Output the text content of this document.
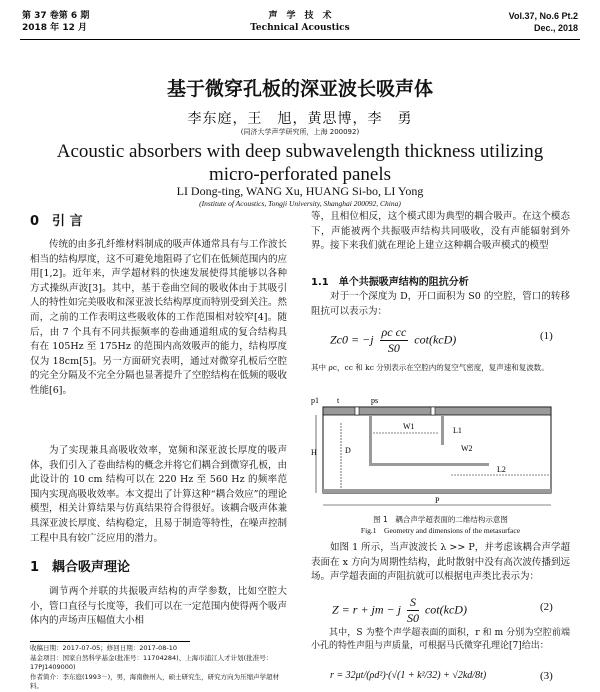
第 37 卷第 6 期
2018 年 12 月
声　学　技　术
Technical Acoustics
Vol.37, No.6 Pt.2
Dec., 2018
基于微穿孔板的深亚波长吸声体
李东庭，王　旭，黄思博，李　勇
(同济大学声学研究所，上海 200092)
Acoustic absorbers with deep subwavelength thickness utilizing
micro-perforated panels
LI Dong-ting, WANG Xu, HUANG Si-bo, LI Yong
(Institute of Acoustics, Tongji University, Shanghai 200092, China)
0　引 言

传统的由多孔纤维材料制成的吸声体通常具有与工作波长相当的结构厚度，这不可避免地阻碍了它们在低频范围内的应用[1,2]。近年来，声学超材料的快速发展使得其能够以各种方式操纵声波[3]。其中，基于卷曲空间的吸收体由于其吸引人的特性如完美吸收和深亚波长结构厚度而特别受到关注。然而，之前的工作表明这些吸收体的工作范围相对较窄[4]。随后，由 7 个具有不同共振频率的卷曲通道组成的复合结构具有在 105Hz 至 175Hz 的范围内高效吸声的能力，结构厚度仅为 18cm[5]。另一方面研究表明，通过对微穿孔板后空腔的完全分隔及不完全分隔也显著提升了空腔结构在低频的吸收性能[6]。

为了实现兼具高吸收效率，宽频和深亚波长厚度的吸声体，我们引入了卷曲结构的概念并将它们耦合到微穿孔板，由此设计的 10 cm 结构可以在 220 Hz 至 560 Hz 的频率范围内实现高吸收效率。本文提出了计算这种“耦合效应”的理论模型，相关计算结果与仿真结果符合得很好。该耦合吸声体兼具深亚波长厚度、结构稳定，且易于制造等特性，在噪声控制工程中具有较广泛应用的潜力。

1　耦合吸声理论

调节两个并联的共振吸声结构的声学参数，比如空腔大小，管口直径与长度等，我们可以在一定范围内使得两个吸声体内的声场声压幅值大小相

收稿日期：2017-07-05；修回日期：2017-08-10
基金项目：国家自然科学基金(批准号：11704284)、上海市浦江人才计划(批准号：17PJ1409000)
作者简介：李东庭(1993－)，男，海南儋州人，硕士研究生，研究方向为压缩声学超材料。

等，且相位相反，这个模式即为典型的耦合吸声。在这个模态下，声能被两个共振吸声结构共同吸收，没有声能辐射到外界。接下来我们就在理论上建立这种耦合吸声模式的模型

1.1　单个共振吸声结构的阻抗分析

对于一个深度为 D，开口面积为 S0 的空腔，管口的转移阻抗可以表示为：

$Zc0 = -j \frac{\text{ρc cc}}{S0} \cot(kcD)$	(1)
其中 ρc，cc 和 kc 分别表示在空腔内的复空气密度，复声速和复波数。
p1 t	ps
W1	L1
D
H	W2
L2
P
图 1　耦合声学超表面的二维结构示意图
Fig.1　Geometry and dimensions of the metasurface

如图 1 所示，当声波波长 λ >> P，并考虑该耦合声学超表面在 x 方向为周期性结构，此时散射中没有高次波传播到远场。声学超表面的声阻抗就可以根据电声类比表示为：

Z = r + jm − j $\frac{S}{S0} \cot(kcD)$	(2)

其中，S 为整个声学超表面的面积，r 和 m 分别为空腔前端小孔的特性声阻与声质量，可根据马氏微穿孔理论[7]给出：

r = 32μt/(ρd²)·(√(1 + k²/32) + √2kd/8t)	(3)
